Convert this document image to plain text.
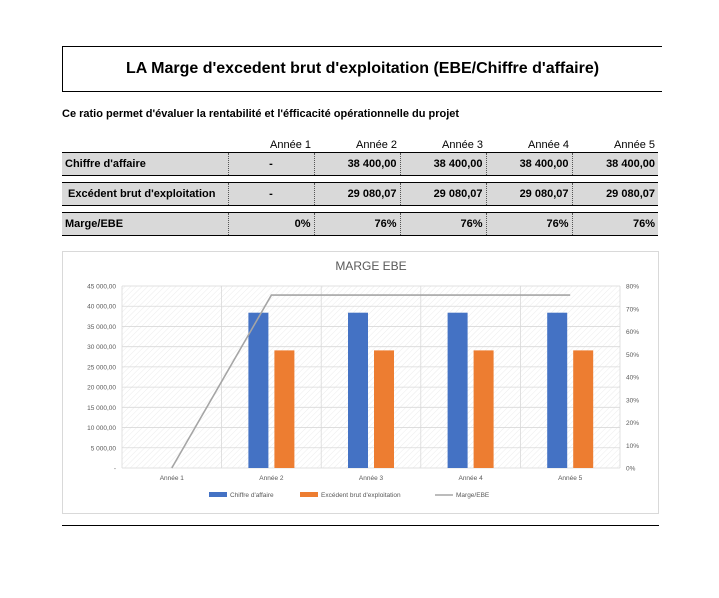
LA Marge d'excedent brut d'exploitation (EBE/Chiffre d'affaire)
Ce ratio permet d'évaluer la rentabilité et l'éfficacité opérationnelle du projet
	Année 1	Année 2	Année 3	Année 4	Année 5
Chiffre d'affaire	-	38 400,00	38 400,00	38 400,00	38 400,00

Excédent brut d'exploitation	-	29 080,07	29 080,07	29 080,07	29 080,07

Marge/EBE	0%	76%	76%	76%	76%
MARGE EBE
-
5 000,00
10 000,00
15 000,00
20 000,00
25 000,00
30 000,00
35 000,00
40 000,00
45 000,00
0%
10%
20%
30%
40%
50%
60%
70%
80%
Année 1	Année 2	Année 3	Année 4	Année 5
Chiffre d'affaire	Excédent brut d'exploitation	Marge/EBE
